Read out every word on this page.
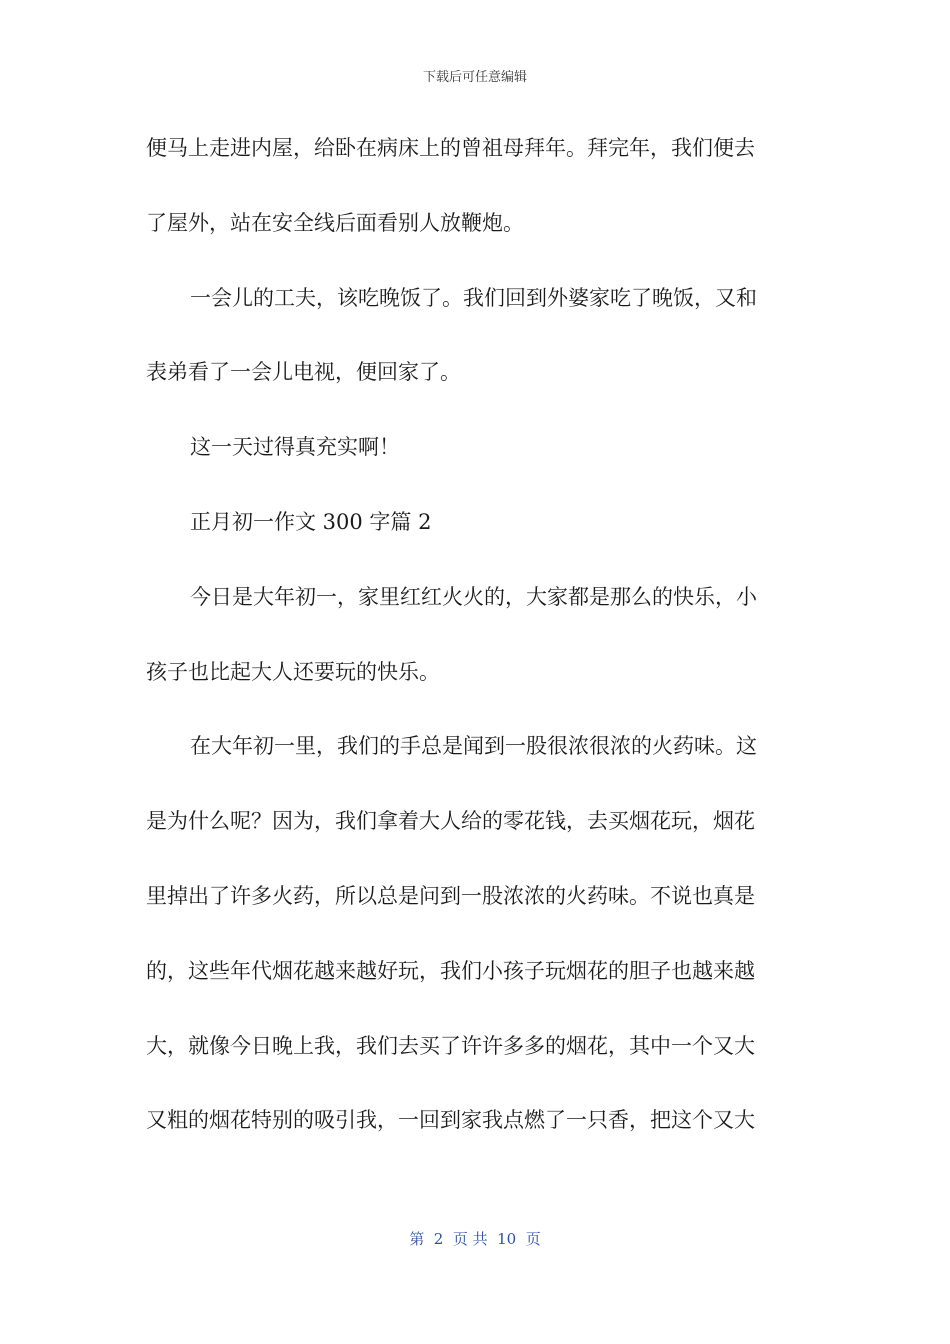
下载后可任意编辑
便马上走进内屋，给卧在病床上的曾祖母拜年。拜完年，我们便去
了屋外，站在安全线后面看别人放鞭炮。
一会儿的工夫，该吃晚饭了。我们回到外婆家吃了晚饭，又和
表弟看了一会儿电视，便回家了。
这一天过得真充实啊！
正月初一作文 300 字篇 2
今日是大年初一，家里红红火火的，大家都是那么的快乐，小
孩子也比起大人还要玩的快乐。
在大年初一里，我们的手总是闻到一股很浓很浓的火药味。这
是为什么呢？因为，我们拿着大人给的零花钱，去买烟花玩，烟花
里掉出了许多火药，所以总是问到一股浓浓的火药味。不说也真是
的，这些年代烟花越来越好玩，我们小孩子玩烟花的胆子也越来越
大，就像今日晚上我，我们去买了许许多多的烟花，其中一个又大
又粗的烟花特别的吸引我，一回到家我点燃了一只香，把这个又大
第  2  页 共  10  页
